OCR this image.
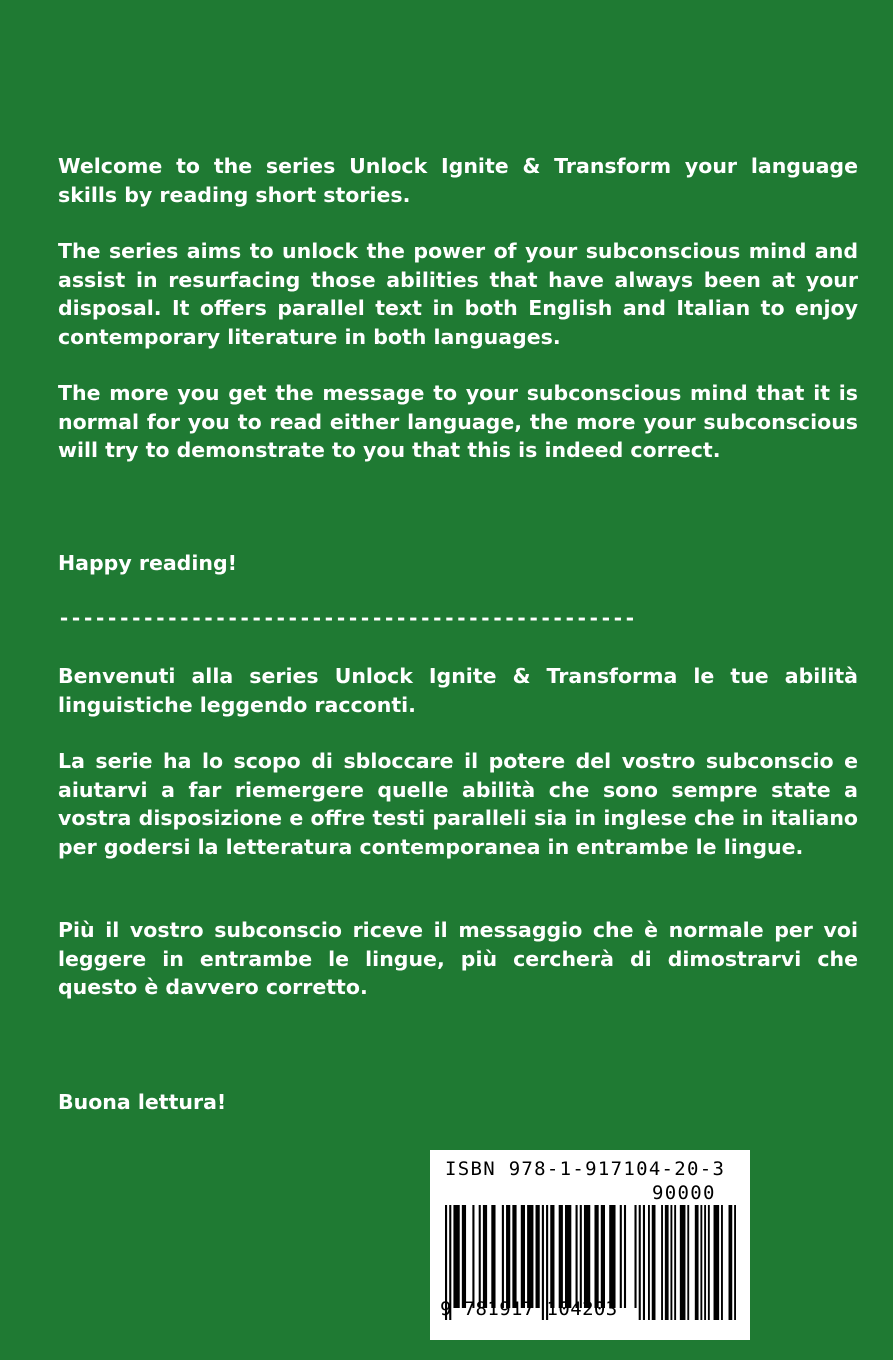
Welcome to the series Unlock Ignite & Transform your language skills by reading short stories.

The series aims to unlock the power of your subconscious mind and assist in resurfacing those abilities that have always been at your disposal. It offers parallel text in both English and Italian to enjoy contemporary literature in both languages.

The more you get the message to your subconscious mind that it is normal for you to read either language, the more your subconscious will try to demonstrate to you that this is indeed correct.

Happy reading!

------------------------------------------------

Benvenuti alla series Unlock Ignite & Transforma le tue abilità linguistiche leggendo racconti.

La serie ha lo scopo di sbloccare il potere del vostro subconscio e aiutarvi a far riemergere quelle abilità che sono sempre state a vostra disposizione e offre testi paralleli sia in inglese che in italiano per godersi la letteratura contemporanea in entrambe le lingue.

Più il vostro subconscio riceve il messaggio che è normale per voi leggere in entrambe le lingue, più cercherà di dimostrarvi che questo è davvero corretto.

Buona lettura!

ISBN 978-1-917104-20-3

90000

9 781917 104203
